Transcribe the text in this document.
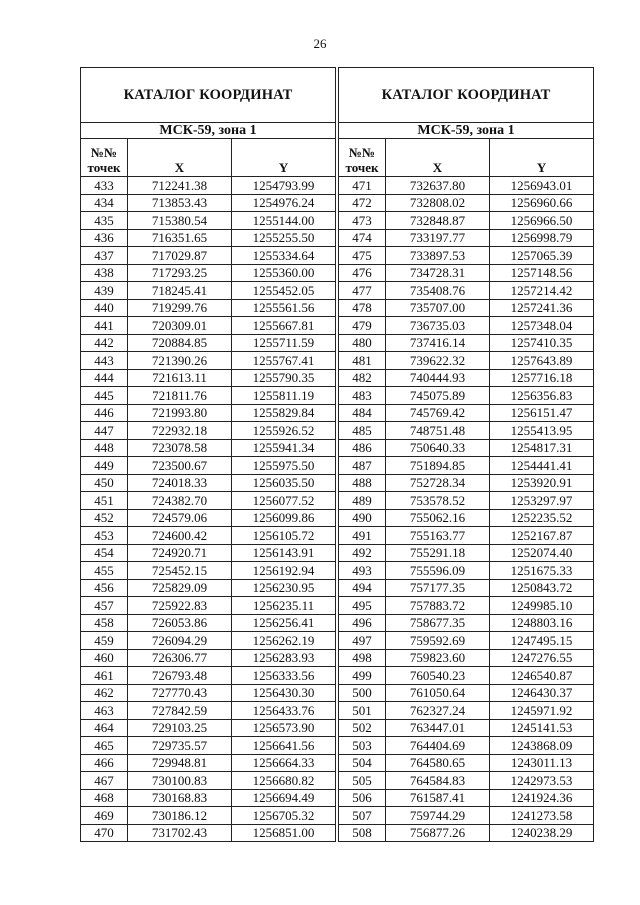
26
КАТАЛОГ КООРДИНАТ		
МСК-59, зона 1		
№№
точек	X	Y
433	712241.38	1254793.99
434	713853.43	1254976.24
435	715380.54	1255144.00
436	716351.65	1255255.50
437	717029.87	1255334.64
438	717293.25	1255360.00
439	718245.41	1255452.05
440	719299.76	1255561.56
441	720309.01	1255667.81
442	720884.85	1255711.59
443	721390.26	1255767.41
444	721613.11	1255790.35
445	721811.76	1255811.19
446	721993.80	1255829.84
447	722932.18	1255926.52
448	723078.58	1255941.34
449	723500.67	1255975.50
450	724018.33	1256035.50
451	724382.70	1256077.52
452	724579.06	1256099.86
453	724600.42	1256105.72
454	724920.71	1256143.91
455	725452.15	1256192.94
456	725829.09	1256230.95
457	725922.83	1256235.11
458	726053.86	1256256.41
459	726094.29	1256262.19
460	726306.77	1256283.93
461	726793.48	1256333.56
462	727770.43	1256430.30
463	727842.59	1256433.76
464	729103.25	1256573.90
465	729735.57	1256641.56
466	729948.81	1256664.33
467	730100.83	1256680.82
468	730168.83	1256694.49
469	730186.12	1256705.32
470	731702.43	1256851.00
КАТАЛОГ КООРДИНАТ		
МСК-59, зона 1		
№№
точек	X	Y
471	732637.80	1256943.01
472	732808.02	1256960.66
473	732848.87	1256966.50
474	733197.77	1256998.79
475	733897.53	1257065.39
476	734728.31	1257148.56
477	735408.76	1257214.42
478	735707.00	1257241.36
479	736735.03	1257348.04
480	737416.14	1257410.35
481	739622.32	1257643.89
482	740444.93	1257716.18
483	745075.89	1256356.83
484	745769.42	1256151.47
485	748751.48	1255413.95
486	750640.33	1254817.31
487	751894.85	1254441.41
488	752728.34	1253920.91
489	753578.52	1253297.97
490	755062.16	1252235.52
491	755163.77	1252167.87
492	755291.18	1252074.40
493	755596.09	1251675.33
494	757177.35	1250843.72
495	757883.72	1249985.10
496	758677.35	1248803.16
497	759592.69	1247495.15
498	759823.60	1247276.55
499	760540.23	1246540.87
500	761050.64	1246430.37
501	762327.24	1245971.92
502	763447.01	1245141.53
503	764404.69	1243868.09
504	764580.65	1243011.13
505	764584.83	1242973.53
506	761587.41	1241924.36
507	759744.29	1241273.58
508	756877.26	1240238.29
